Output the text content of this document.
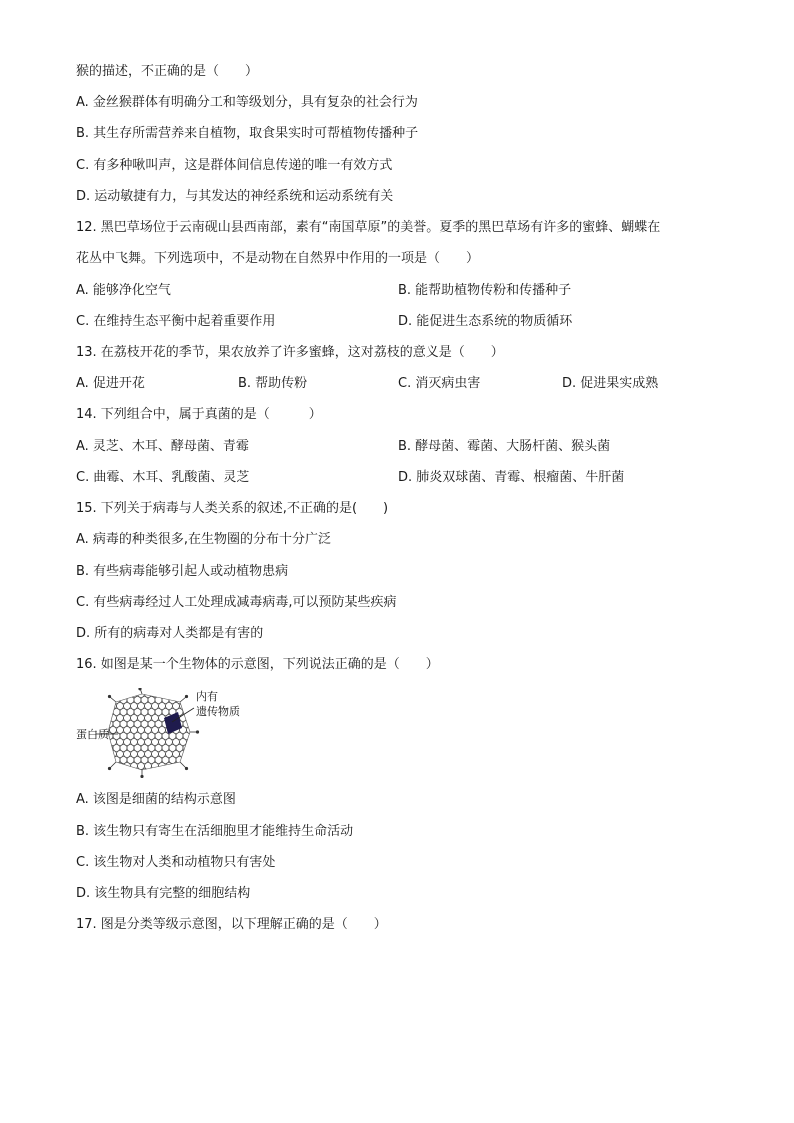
猴的描述，不正确的是（　　）
A. 金丝猴群体有明确分工和等级划分，具有复杂的社会行为
B. 其生存所需营养来自植物，取食果实时可帮植物传播种子
C. 有多种啾叫声，这是群体间信息传递的唯一有效方式
D. 运动敏捷有力，与其发达的神经系统和运动系统有关
12. 黑巴草场位于云南砚山县西南部，素有“南国草原”的美誉。夏季的黑巴草场有许多的蜜蜂、蝴蝶在
花丛中飞舞。下列选项中，不是动物在自然界中作用的一项是（　　）
A. 能够净化空气	B. 能帮助植物传粉和传播种子
C. 在维持生态平衡中起着重要作用	D. 能促进生态系统的物质循环
13. 在荔枝开花的季节，果农放养了许多蜜蜂，这对荔枝的意义是（　　）
A. 促进开花	B. 帮助传粉	C. 消灭病虫害	D. 促进果实成熟
14. 下列组合中，属于真菌的是（　　　）
A. 灵芝、木耳、酵母菌、青霉	B. 酵母菌、霉菌、大肠杆菌、猴头菌
C. 曲霉、木耳、乳酸菌、灵芝	D. 肺炎双球菌、青霉、根瘤菌、牛肝菌
15. 下列关于病毒与人类关系的叙述,不正确的是(　　)
A. 病毒的种类很多,在生物圈的分布十分广泛
B. 有些病毒能够引起人或动植物患病
C. 有些病毒经过人工处理成减毒病毒,可以预防某些疾病
D. 所有的病毒对人类都是有害的
16. 如图是某一个生物体的示意图，下列说法正确的是（　　）
内有
遗传物质
蛋白质
A. 该图是细菌的结构示意图
B. 该生物只有寄生在活细胞里才能维持生命活动
C. 该生物对人类和动植物只有害处
D. 该生物具有完整的细胞结构
17. 图是分类等级示意图，以下理解正确的是（　　）
